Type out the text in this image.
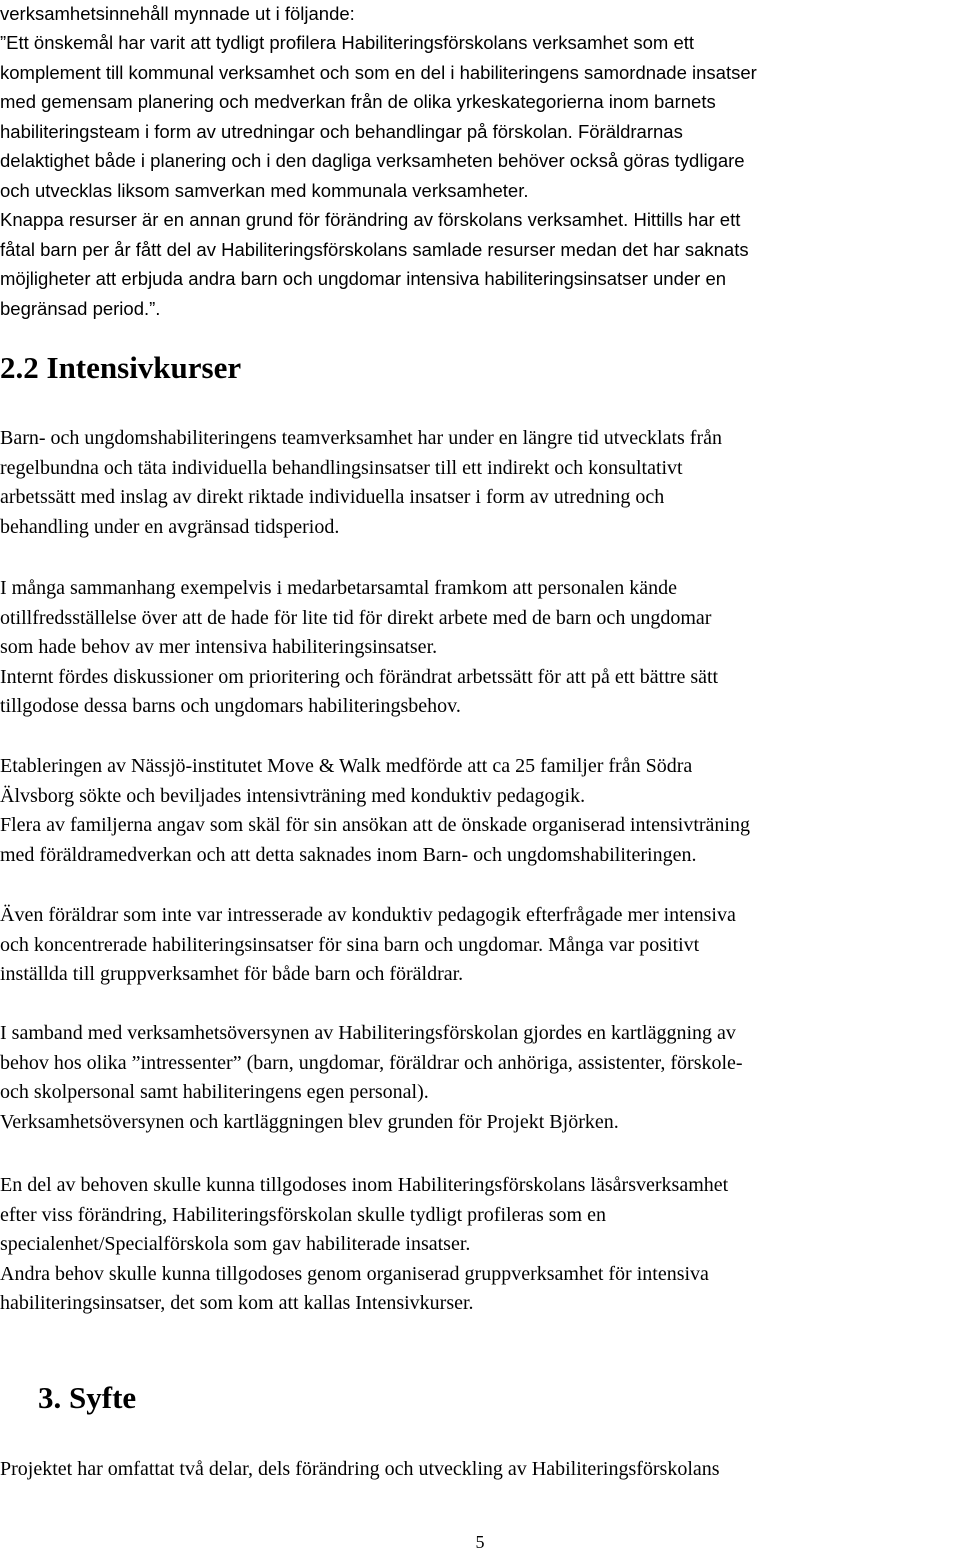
verksamhetsinnehåll mynnade ut i följande:

”Ett önskemål har varit att tydligt profilera Habiliteringsförskolans verksamhet som ett
komplement till kommunal verksamhet och som en del i habiliteringens samordnade insatser
med gemensam planering och medverkan från de olika yrkeskategorierna inom barnets
habiliteringsteam i form av utredningar och behandlingar på förskolan. Föräldrarnas
delaktighet både i planering och i den dagliga verksamheten behöver också göras tydligare
och utvecklas liksom samverkan med kommunala verksamheter.

Knappa resurser är en annan grund för förändring av förskolans verksamhet. Hittills har ett
fåtal barn per år fått del av Habiliteringsförskolans samlade resurser medan det har saknats
möjligheter att erbjuda andra barn och ungdomar intensiva habiliteringsinsatser under en
begränsad period.”.

2.2 Intensivkurser

Barn- och ungdomshabiliteringens teamverksamhet har under en längre tid utvecklats från
regelbundna och täta individuella behandlingsinsatser till ett indirekt och konsultativt
arbetssätt med inslag av direkt riktade individuella insatser i form av utredning och
behandling under en avgränsad tidsperiod.

I många sammanhang exempelvis i medarbetarsamtal framkom att personalen kände
otillfredsställelse över att de hade för lite tid för direkt arbete med de barn och ungdomar
som hade behov av mer intensiva habiliteringsinsatser.
Internt fördes diskussioner om prioritering och förändrat arbetssätt för att på ett bättre sätt
tillgodose dessa barns och ungdomars habiliteringsbehov.

Etableringen av Nässjö-institutet Move & Walk medförde att ca 25 familjer från Södra
Älvsborg sökte och beviljades intensivträning med konduktiv pedagogik.
Flera av familjerna angav som skäl för sin ansökan att de önskade organiserad intensivträning
med föräldramedverkan och att detta saknades inom Barn- och ungdomshabiliteringen.

Även föräldrar som inte var intresserade av konduktiv pedagogik efterfrågade mer intensiva
och koncentrerade habiliteringsinsatser för sina barn och ungdomar. Många var positivt
inställda till gruppverksamhet för både barn och föräldrar.

I samband med verksamhetsöversynen av Habiliteringsförskolan gjordes en kartläggning av
behov hos olika ”intressenter” (barn, ungdomar, föräldrar och anhöriga, assistenter, förskole-
och skolpersonal samt habiliteringens egen personal).
Verksamhetsöversynen och kartläggningen blev grunden för Projekt Björken.

En del av behoven skulle kunna tillgodoses inom Habiliteringsförskolans läsårsverksamhet
efter viss förändring, Habiliteringsförskolan skulle tydligt profileras som en
specialenhet/Specialförskola som gav habiliterade insatser.
Andra behov skulle kunna tillgodoses genom organiserad gruppverksamhet för intensiva
habiliteringsinsatser, det som kom att kallas Intensivkurser.

3. Syfte

Projektet har omfattat två delar, dels förändring och utveckling av Habiliteringsförskolans

5
